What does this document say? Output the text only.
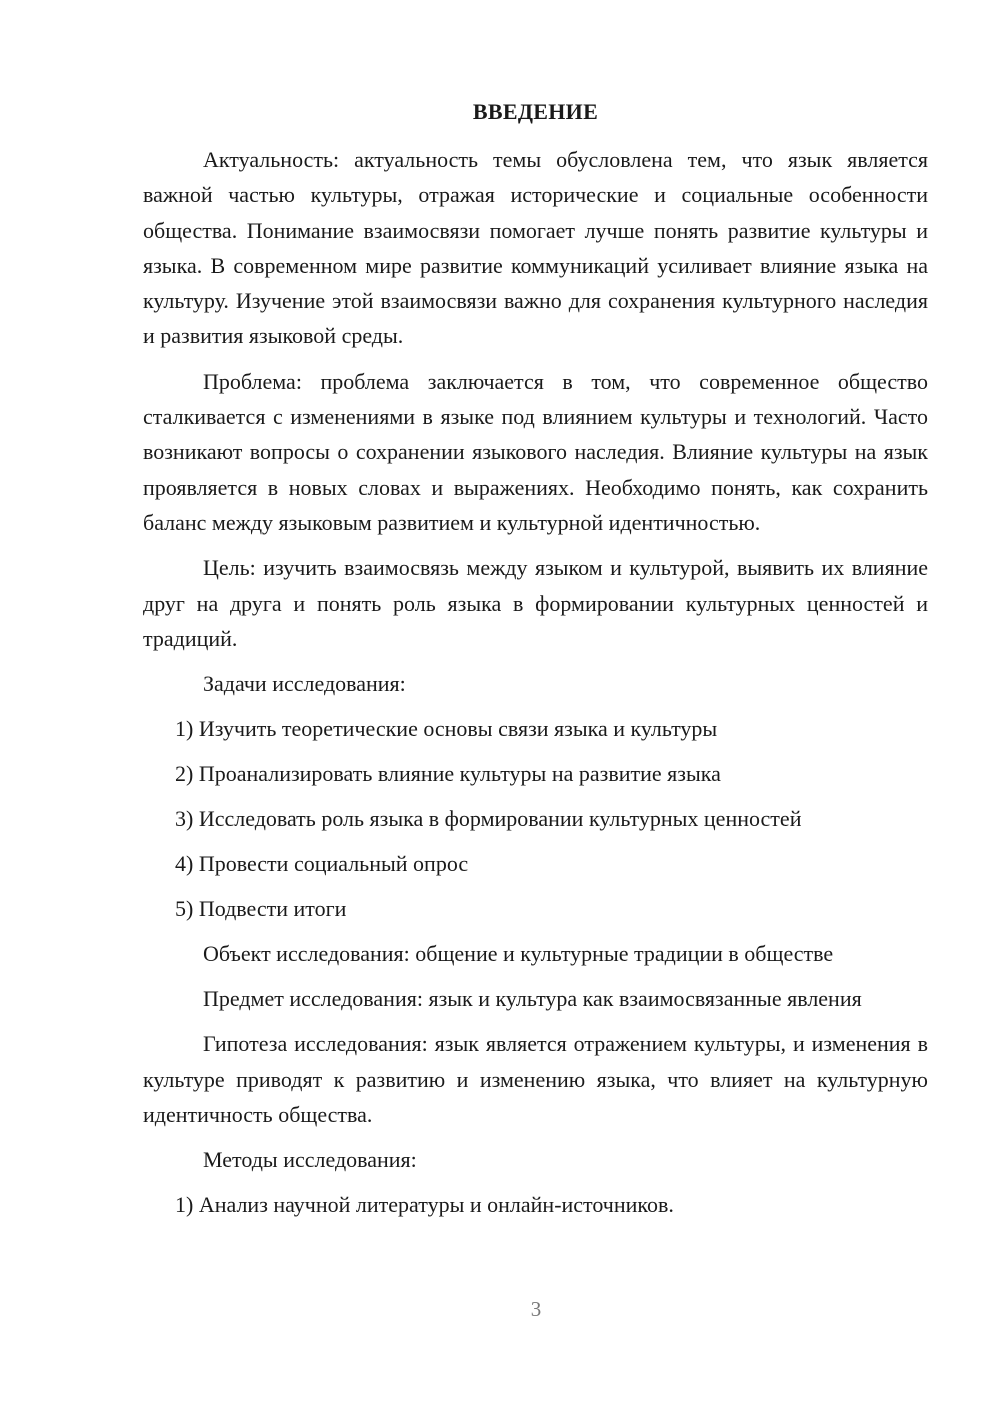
ВВЕДЕНИЕ

Актуальность: актуальность темы обусловлена тем, что язык является важной частью культуры, отражая исторические и социальные особенности общества. Понимание взаимосвязи помогает лучше понять развитие культуры и языка. В современном мире развитие коммуникаций усиливает влияние языка на культуру. Изучение этой взаимосвязи важно для сохранения культурного наследия и развития языковой среды.

Проблема: проблема заключается в том, что современное общество сталкивается с изменениями в языке под влиянием культуры и технологий. Часто возникают вопросы о сохранении языкового наследия. Влияние культуры на язык проявляется в новых словах и выражениях. Необходимо понять, как сохранить баланс между языковым развитием и культурной идентичностью.

Цель: изучить взаимосвязь между языком и культурой, выявить их влияние друг на друга и понять роль языка в формировании культурных ценностей и традиций.

Задачи исследования:
1) Изучить теоретические основы связи языка и культуры
2) Проанализировать влияние культуры на развитие языка
3) Исследовать роль языка в формировании культурных ценностей
4) Провести социальный опрос
5) Подвести итоги
Объект исследования: общение и культурные традиции в обществе

Предмет исследования: язык и культура как взаимосвязанные явления

Гипотеза исследования: язык является отражением культуры, и изменения в культуре приводят к развитию и изменению языка, что влияет на культурную идентичность общества.

Методы исследования:
1) Анализ научной литературы и онлайн-источников.
3
